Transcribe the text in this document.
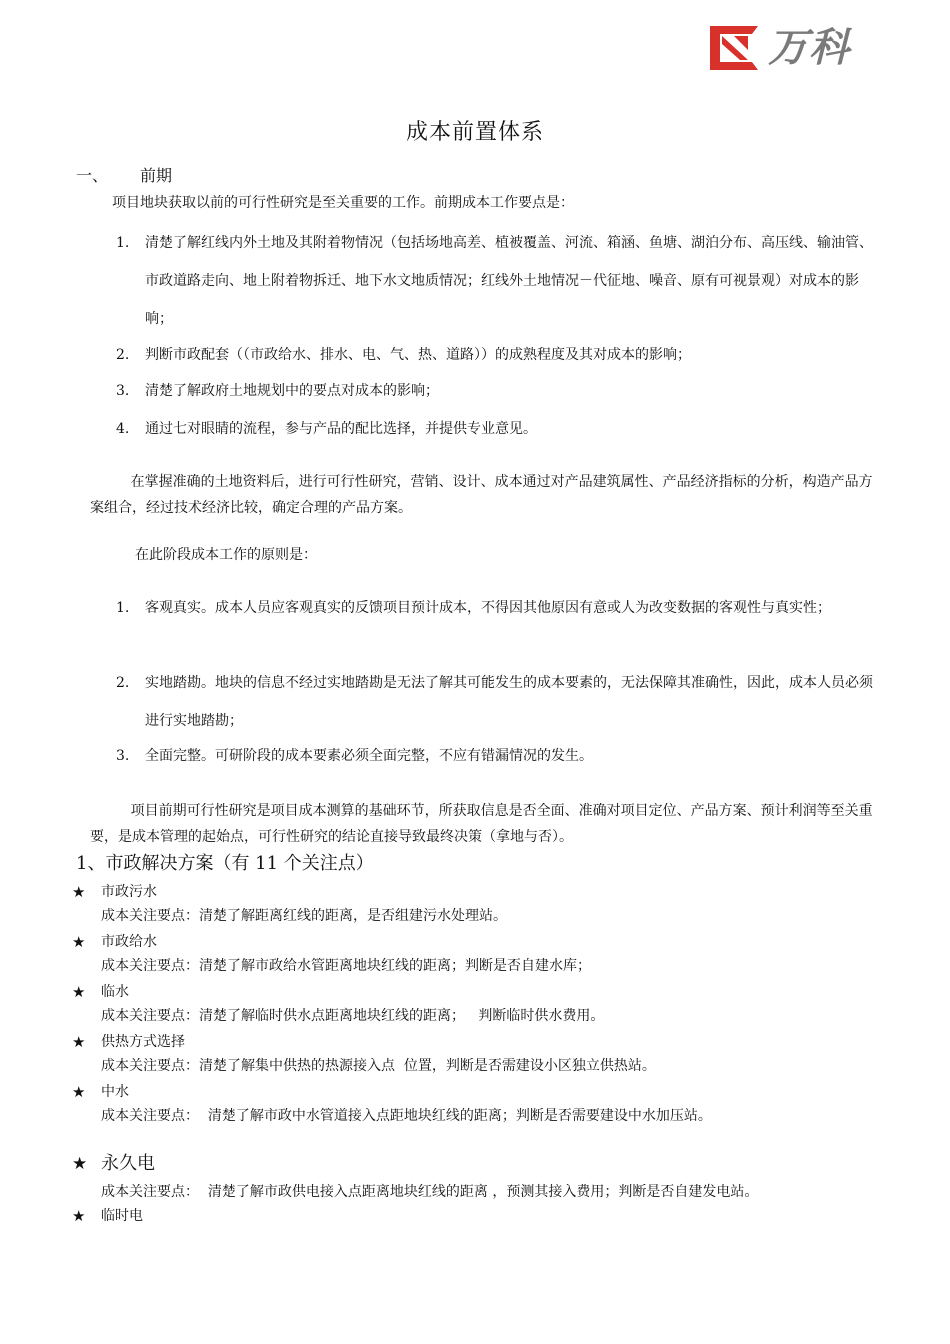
万科
成本前置体系
一、 前期
项目地块获取以前的可行性研究是至关重要的工作。前期成本工作要点是：
1. 清楚了解红线内外土地及其附着物情况（包括场地高差、植被覆盖、河流、箱涵、鱼塘、湖泊分布、高压线、输油管、市政道路走向、地上附着物拆迁、地下水文地质情况；红线外土地情况－代征地、噪音、原有可视景观）对成本的影响；
2. 判断市政配套（（市政给水、排水、电、气、热、道路））的成熟程度及其对成本的影响；
3. 清楚了解政府土地规划中的要点对成本的影响；
4. 通过七对眼睛的流程，参与产品的配比选择，并提供专业意见。
在掌握准确的土地资料后，进行可行性研究，营销、设计、成本通过对产品建筑属性、产品经济指标的分析，构造产品方案组合，经过技术经济比较，确定合理的产品方案。
在此阶段成本工作的原则是：
1. 客观真实。成本人员应客观真实的反馈项目预计成本，不得因其他原因有意或人为改变数据的客观性与真实性；
2. 实地踏勘。地块的信息不经过实地踏勘是无法了解其可能发生的成本要素的，无法保障其准确性，因此，成本人员必须进行实地踏勘；
3. 全面完整。可研阶段的成本要素必须全面完整，不应有错漏情况的发生。
项目前期可行性研究是项目成本测算的基础环节，所获取信息是否全面、准确对项目定位、产品方案、预计利润等至关重要，是成本管理的起始点，可行性研究的结论直接导致最终决策（拿地与否）。
1、市政解决方案（有 11 个关注点）
★ 市政污水
成本关注要点：清楚了解距离红线的距离，是否组建污水处理站。
★ 市政给水
成本关注要点：清楚了解市政给水管距离地块红线的距离；判断是否自建水库；
★ 临水
成本关注要点：清楚了解临时供水点距离地块红线的距离；   判断临时供水费用。
★ 供热方式选择
成本关注要点：清楚了解集中供热的热源接入点  位置，判断是否需建设小区独立供热站。
★ 中水
成本关注要点：  清楚了解市政中水管道接入点距地块红线的距离；判断是否需要建设中水加压站。
★ 永久电
成本关注要点：  清楚了解市政供电接入点距离地块红线的距离 ，预测其接入费用；判断是否自建发电站。
★ 临时电
